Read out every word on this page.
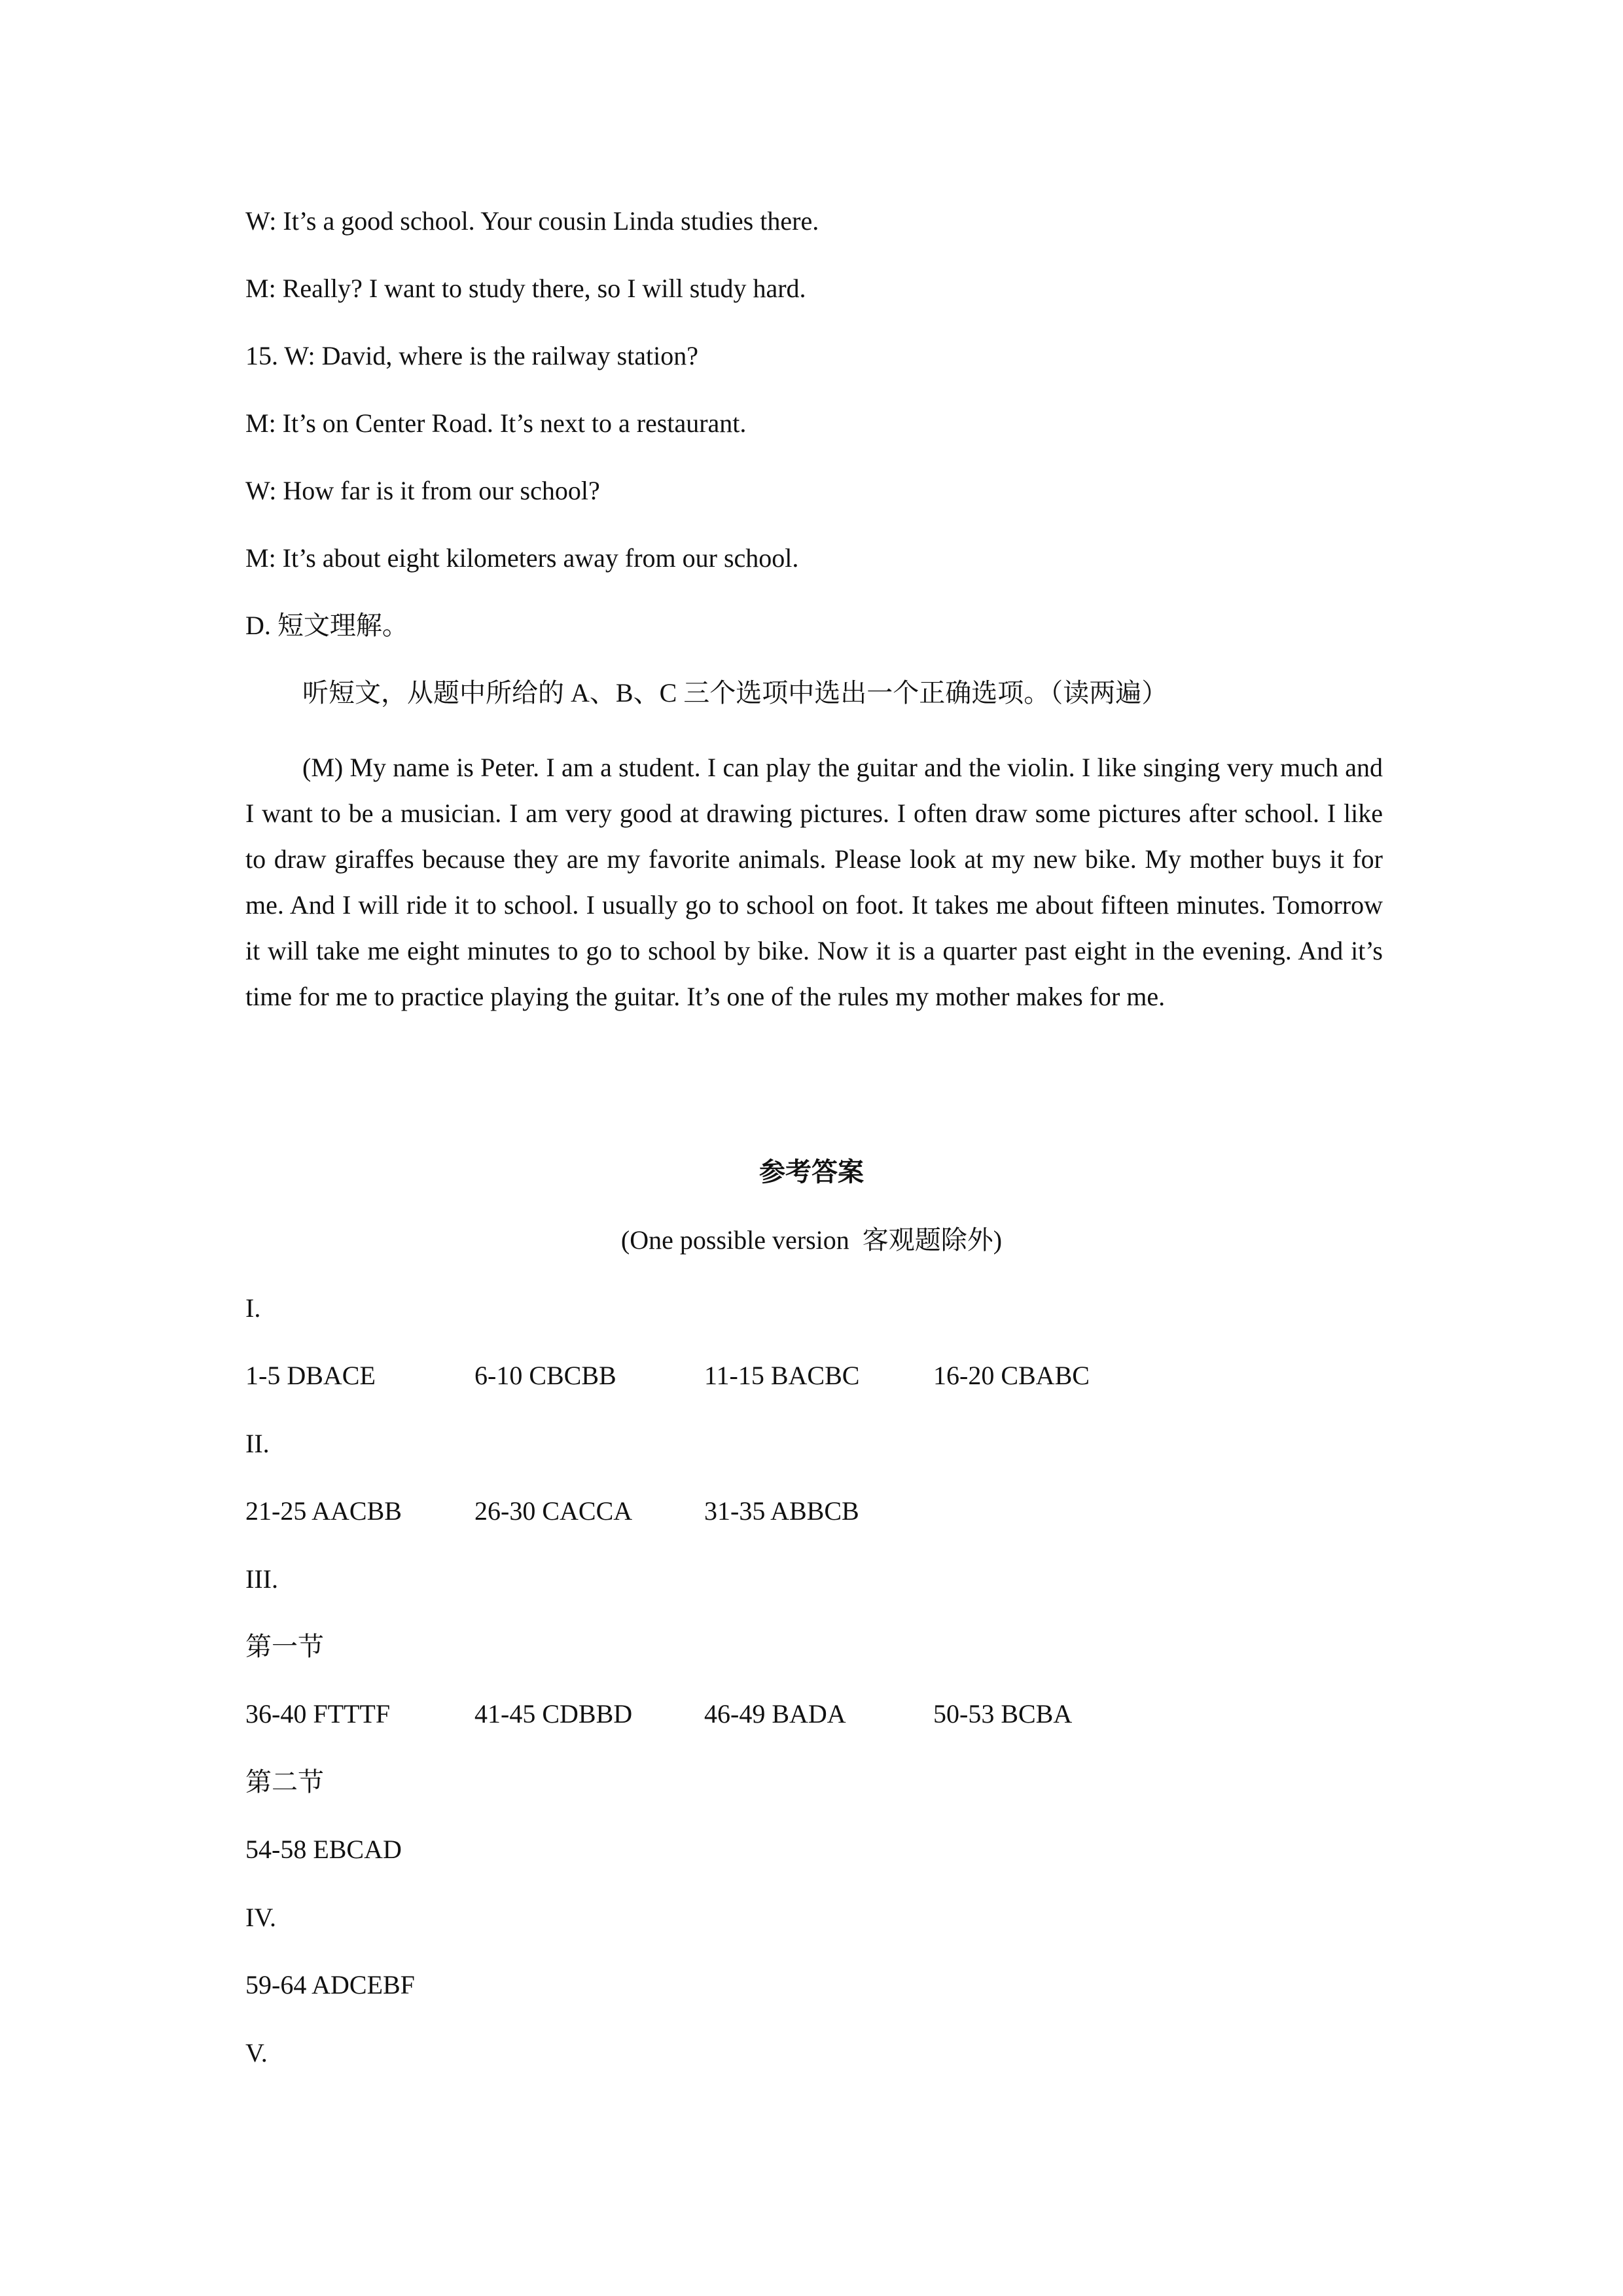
W: It’s a good school. Your cousin Linda studies there.
M: Really? I want to study there, so I will study hard.
15. W: David, where is the railway station?
M: It’s on Center Road. It’s next to a restaurant.
W: How far is it from our school?
M: It’s about eight kilometers away from our school.
D. 短文理解。
听短文，从题中所给的 A、B、C 三个选项中选出一个正确选项。（读两遍）
(M) My name is Peter. I am a student. I can play the guitar and the violin. I like singing very much and I want to be a musician. I am very good at drawing pictures. I often draw some pictures after school. I like to draw giraffes because they are my favorite animals. Please look at my new bike. My mother buys it for me. And I will ride it to school. I usually go to school on foot. It takes me about fifteen minutes. Tomorrow it will take me eight minutes to go to school by bike. Now it is a quarter past eight in the evening. And it’s time for me to practice playing the guitar. It’s one of the rules my mother makes for me.
参考答案
(One possible version  客观题除外)
I.
1-5 DBACE	6-10 CBCBB	11-15 BACBC	16-20 CBABC
II.
21-25 AACBB	26-30 CACCA	31-35 ABBCB
III.
第一节
36-40 FTTTF	41-45 CDBBD	46-49 BADA	50-53 BCBA
第二节
54-58 EBCAD
IV.
59-64 ADCEBF
V.
